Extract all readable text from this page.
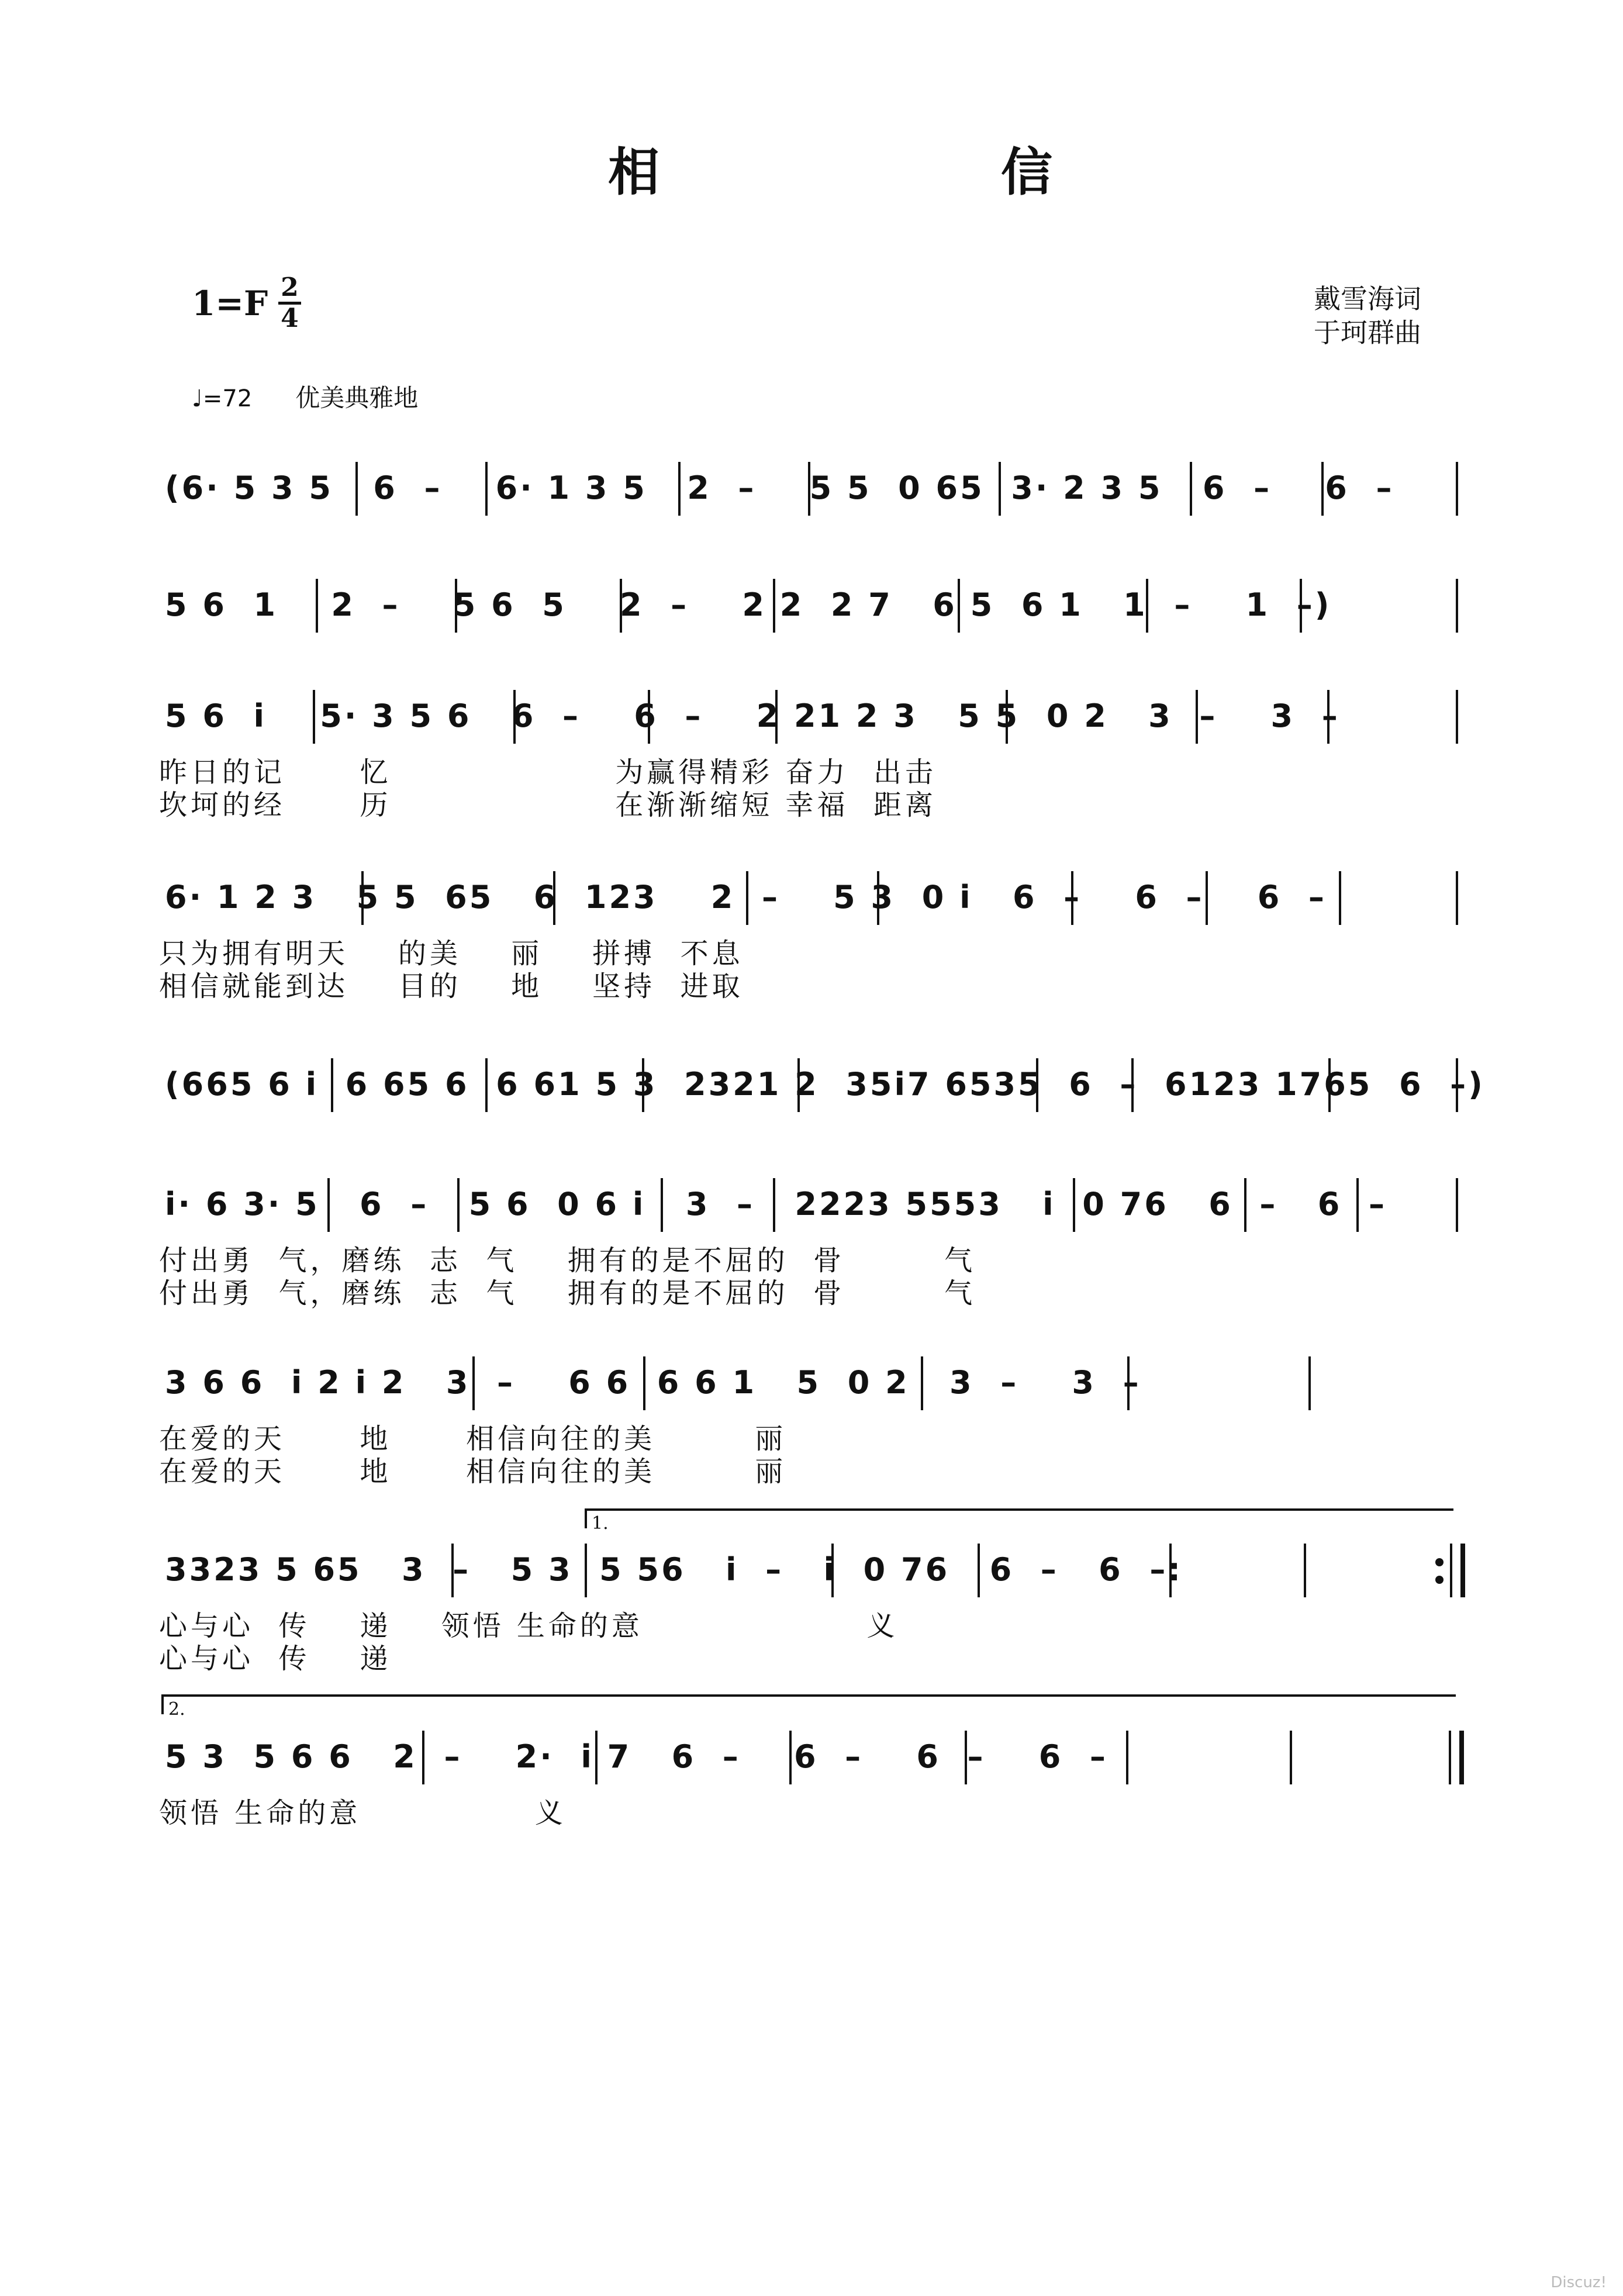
相	信
1=F 2
4
戴雪海词
于珂群曲
♩=72 优美典雅地
(6· 5 3 5   6  –    6· 1 3 5   2  –    5 5  0 65  3· 2 3 5   6  –    6  –
5 6  1    2  –    5 6  5    2  –    2 2  2 7   6 5  6 1   1  –    1  –)
5 6  i    5· 3 5 6   6  –    6  –    2 21 2 3   5 5  0 2   3  –    3  –
昨日的记      忆                  为赢得精彩 奋力  出击
坎坷的经      历                  在渐渐缩短 幸福  距离
6· 1 2 3   5 5  65   6  123    2  –    5 3  0 i   6  –    6  –    6  –
只为拥有明天    的美    丽    拼搏  不息
相信就能到达    目的    地    坚持  进取
(665 6 i  6 65 6  6 61 5 3  2321 2  35i7 6535  6  –  6123 1765  6  –)
i· 6 3· 5   6  –   5 6  0 6 i   3  –   2223 5553   i  0 76   6  –   6  –
付出勇  气，磨练  志  气    拥有的是不屈的  骨        气
付出勇  气，磨练  志  气    拥有的是不屈的  骨        气
3 6 6  i 2 i 2   3  –    6 6  6 6 1   5  0 2   3  –    3  –
在爱的天      地      相信向往的美        丽
在爱的天      地      相信向往的美        丽
1.
3323 5 65   3  –   5 3  5 56   i  –   i  0 76   6  –   6  –:
心与心  传    递    领悟 生命的意                  义
心与心  传    递
2.
5 3  5 6 6   2  –    2·  i 7   6  –    6  –    6  –    6  –
领悟 生命的意              义
Discuz!
